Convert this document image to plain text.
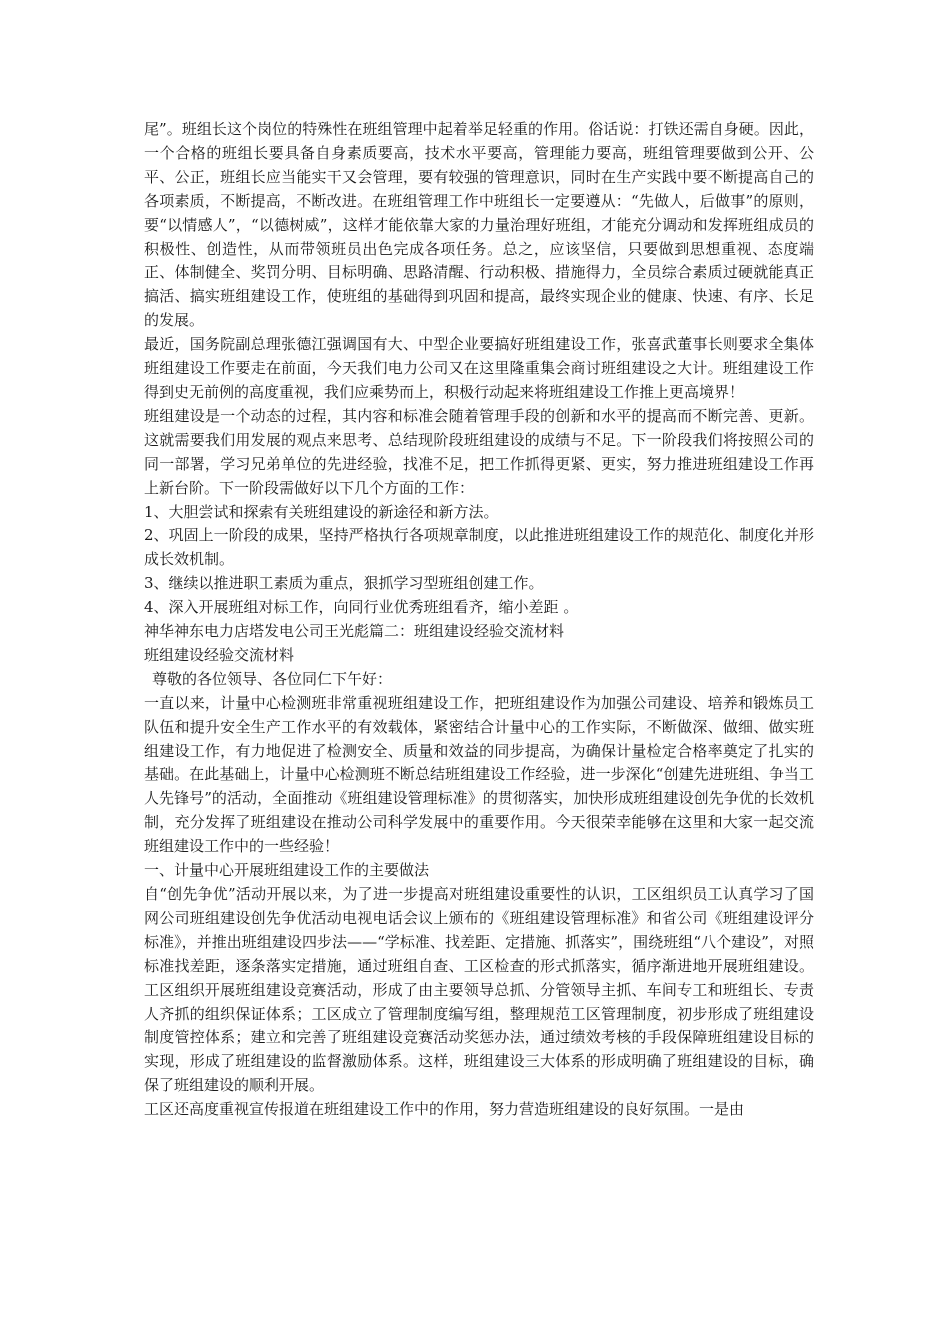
尾”。班组长这个岗位的特殊性在班组管理中起着举足轻重的作用。俗话说：打铁还需自身硬。因此，一个合格的班组长要具备自身素质要高，技术水平要高，管理能力要高，班组管理要做到公开、公平、公正，班组长应当能实干又会管理，要有较强的管理意识，同时在生产实践中要不断提高自己的各项素质，不断提高，不断改进。在班组管理工作中班组长一定要遵从：“先做人，后做事”的原则，要“以情感人”，“以德树威”，这样才能依靠大家的力量治理好班组，才能充分调动和发挥班组成员的积极性、创造性，从而带领班员出色完成各项任务。总之，应该坚信，只要做到思想重视、态度端正、体制健全、奖罚分明、目标明确、思路清醒、行动积极、措施得力，全员综合素质过硬就能真正搞活、搞实班组建设工作，使班组的基础得到巩固和提高，最终实现企业的健康、快速、有序、长足的发展。

最近，国务院副总理张德江强调国有大、中型企业要搞好班组建设工作，张喜武董事长则要求全集体班组建设工作要走在前面，今天我们电力公司又在这里隆重集会商讨班组建设之大计。班组建设工作得到史无前例的高度重视，我们应乘势而上，积极行动起来将班组建设工作推上更高境界！

班组建设是一个动态的过程，其内容和标准会随着管理手段的创新和水平的提高而不断完善、更新。这就需要我们用发展的观点来思考、总结现阶段班组建设的成绩与不足。下一阶段我们将按照公司的同一部署，学习兄弟单位的先进经验，找准不足，把工作抓得更紧、更实，努力推进班组建设工作再上新台阶。下一阶段需做好以下几个方面的工作：

1、大胆尝试和探索有关班组建设的新途径和新方法。

2、巩固上一阶段的成果，坚持严格执行各项规章制度，以此推进班组建设工作的规范化、制度化并形成长效机制。

3、继续以推进职工素质为重点，狠抓学习型班组创建工作。

4、深入开展班组对标工作，向同行业优秀班组看齐，缩小差距 。

神华神东电力店塔发电公司王光彪篇二：班组建设经验交流材料

班组建设经验交流材料

尊敬的各位领导、各位同仁下午好：

一直以来，计量中心检测班非常重视班组建设工作，把班组建设作为加强公司建设、培养和锻炼员工队伍和提升安全生产工作水平的有效载体，紧密结合计量中心的工作实际，不断做深、做细、做实班组建设工作，有力地促进了检测安全、质量和效益的同步提高，为确保计量检定合格率奠定了扎实的基础。在此基础上，计量中心检测班不断总结班组建设工作经验，进一步深化“创建先进班组、争当工人先锋号”的活动，全面推动《班组建设管理标准》的贯彻落实，加快形成班组建设创先争优的长效机制，充分发挥了班组建设在推动公司科学发展中的重要作用。今天很荣幸能够在这里和大家一起交流班组建设工作中的一些经验！

一、计量中心开展班组建设工作的主要做法

自“创先争优”活动开展以来，为了进一步提高对班组建设重要性的认识，工区组织员工认真学习了国网公司班组建设创先争优活动电视电话会议上颁布的《班组建设管理标准》和省公司《班组建设评分标准》，并推出班组建设四步法——“学标准、找差距、定措施、抓落实”，围绕班组“八个建设”，对照标准找差距，逐条落实定措施，通过班组自查、工区检查的形式抓落实，循序渐进地开展班组建设。 工区组织开展班组建设竞赛活动，形成了由主要领导总抓、分管领导主抓、车间专工和班组长、专责人齐抓的组织保证体系；工区成立了管理制度编写组，整理规范工区管理制度，初步形成了班组建设制度管控体系；建立和完善了班组建设竞赛活动奖惩办法，通过绩效考核的手段保障班组建设目标的实现，形成了班组建设的监督激励体系。这样，班组建设三大体系的形成明确了班组建设的目标，确保了班组建设的顺利开展。

工区还高度重视宣传报道在班组建设工作中的作用，努力营造班组建设的良好氛围。一是由
